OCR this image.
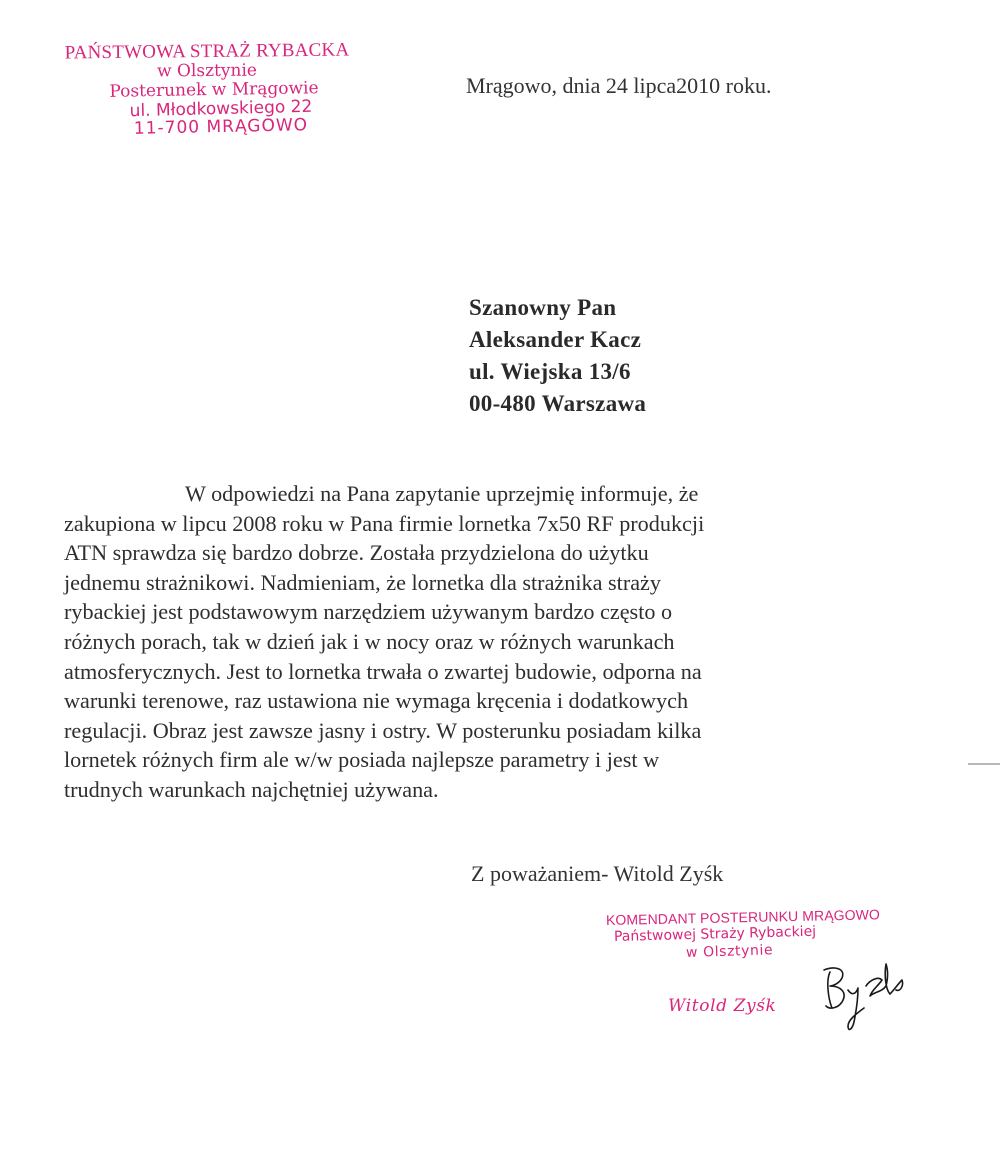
PAŃSTWOWA STRAŻ RYBACKA
w Olsztynie
Posterunek w Mrągowie
ul. Młodkowskiego 22
11-700 MRĄGOWO
Mrągowo, dnia 24 lipca2010 roku.
Szanowny Pan
Aleksander Kacz
ul. Wiejska 13/6
00-480 Warszawa
W odpowiedzi na Pana zapytanie uprzejmię informuje, że
zakupiona w lipcu 2008 roku w Pana firmie lornetka 7x50 RF produkcji
ATN sprawdza się bardzo dobrze. Została przydzielona do użytku
jednemu strażnikowi. Nadmieniam, że lornetka dla strażnika straży
rybackiej jest podstawowym narzędziem używanym bardzo często o
różnych porach, tak w dzień jak i w nocy oraz w różnych warunkach
atmosferycznych. Jest to lornetka trwała o zwartej budowie, odporna na
warunki terenowe, raz ustawiona nie wymaga kręcenia i dodatkowych
regulacji. Obraz jest zawsze jasny i ostry. W posterunku posiadam kilka
lornetek różnych firm ale w/w posiada najlepsze parametry i jest w
trudnych warunkach najchętniej używana.
Z poważaniem- Witold Zyśk
KOMENDANT POSTERUNKU MRĄGOWO
Państwowej Straży Rybackiej
w Olsztynie
Witold Zyśk
